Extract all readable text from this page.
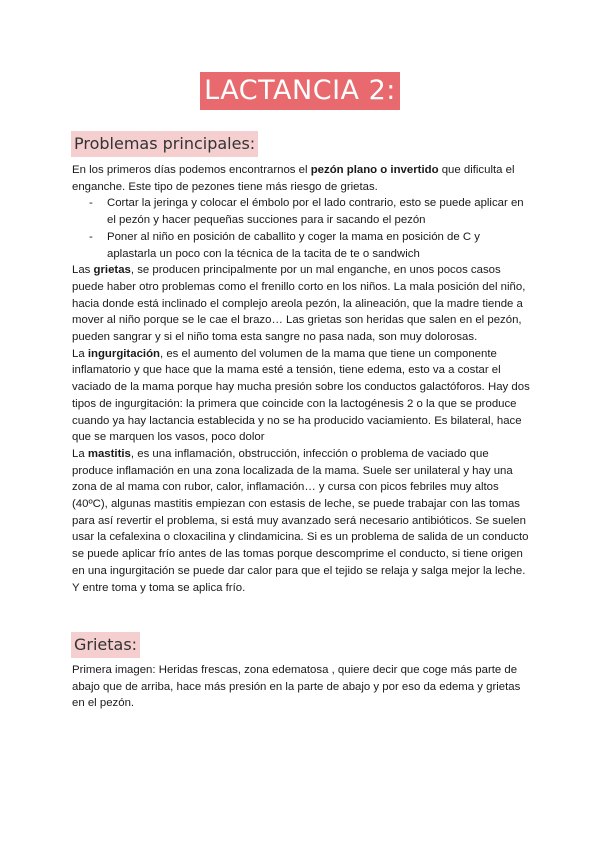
LACTANCIA 2:
Problemas principales:

En los primeros días podemos encontrarnos el pezón plano o invertido que dificulta el enganche. Este tipo de pezones tiene más riesgo de grietas.

- Cortar la jeringa y colocar el émbolo por el lado contrario, esto se puede aplicar en el pezón y hacer pequeñas succiones para ir sacando el pezón
- Poner al niño en posición de caballito y coger la mama en posición de C y aplastarla un poco con la técnica de la tacita de te o sandwich

Las grietas, se producen principalmente por un mal enganche, en unos pocos casos puede haber otro problemas como el frenillo corto en los niños. La mala posición del niño, hacia donde está inclinado el complejo areola pezón, la alineación, que la madre tiende a mover al niño porque se le cae el brazo… Las grietas son heridas que salen en el pezón, pueden sangrar y si el niño toma esta sangre no pasa nada, son muy dolorosas.

La ingurgitación, es el aumento del volumen de la mama que tiene un componente inflamatorio y que hace que la mama esté a tensión, tiene edema, esto va a costar el vaciado de la mama porque hay mucha presión sobre los conductos galactóforos. Hay dos tipos de ingurgitación: la primera que coincide con la lactogénesis 2 o la que se produce cuando ya hay lactancia establecida y no se ha producido vaciamiento. Es bilateral, hace que se marquen los vasos, poco dolor

La mastitis, es una inflamación, obstrucción, infección o problema de vaciado que produce inflamación en una zona localizada de la mama. Suele ser unilateral y hay una zona de al mama con rubor, calor, inflamación… y cursa con picos febriles muy altos (40ºC), algunas mastitis empiezan con estasis de leche, se puede trabajar con las tomas para así revertir el problema, si está muy avanzado será necesario antibióticos. Se suelen usar la cefalexina o cloxacilina y clindamicina. Si es un problema de salida de un conducto se puede aplicar frío antes de las tomas porque descomprime el conducto, si tiene origen en una ingurgitación se puede dar calor para que el tejido se relaja y salga mejor la leche. Y entre toma y toma se aplica frío.

Grietas:

Primera imagen: Heridas frescas, zona edematosa , quiere decir que coge más parte de abajo que de arriba, hace más presión en la parte de abajo y por eso da edema y grietas en el pezón.
